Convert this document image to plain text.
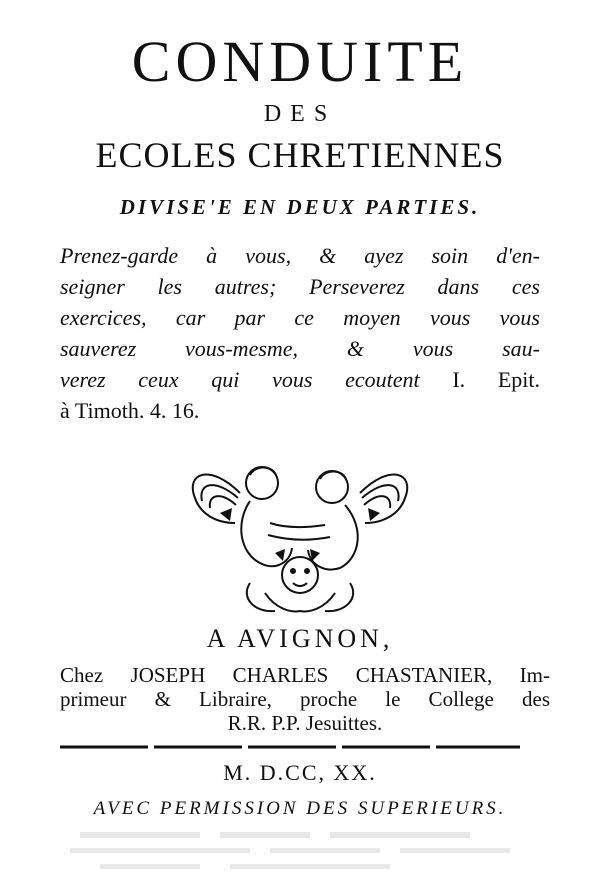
CONDUITE
DES
ECOLES CHRETIENNES
DIVISE'E EN DEUX PARTIES.
Prenez-garde à vous, & ayez soin d'en-
seigner les autres; Perseverez dans ces
exercices, car par ce moyen vous vous
sauverez vous-mesme, & vous sau-
verez ceux qui vous ecoutent I. Epit.
à Timoth. 4. 16.
A AVIGNON,
Chez JOSEPH CHARLES CHASTANIER, Im-
primeur & Libraire, proche le College des
R.R. P.P. Jesuittes.
M. D.CC, XX.
AVEC PERMISSION DES SUPERIEURS.
